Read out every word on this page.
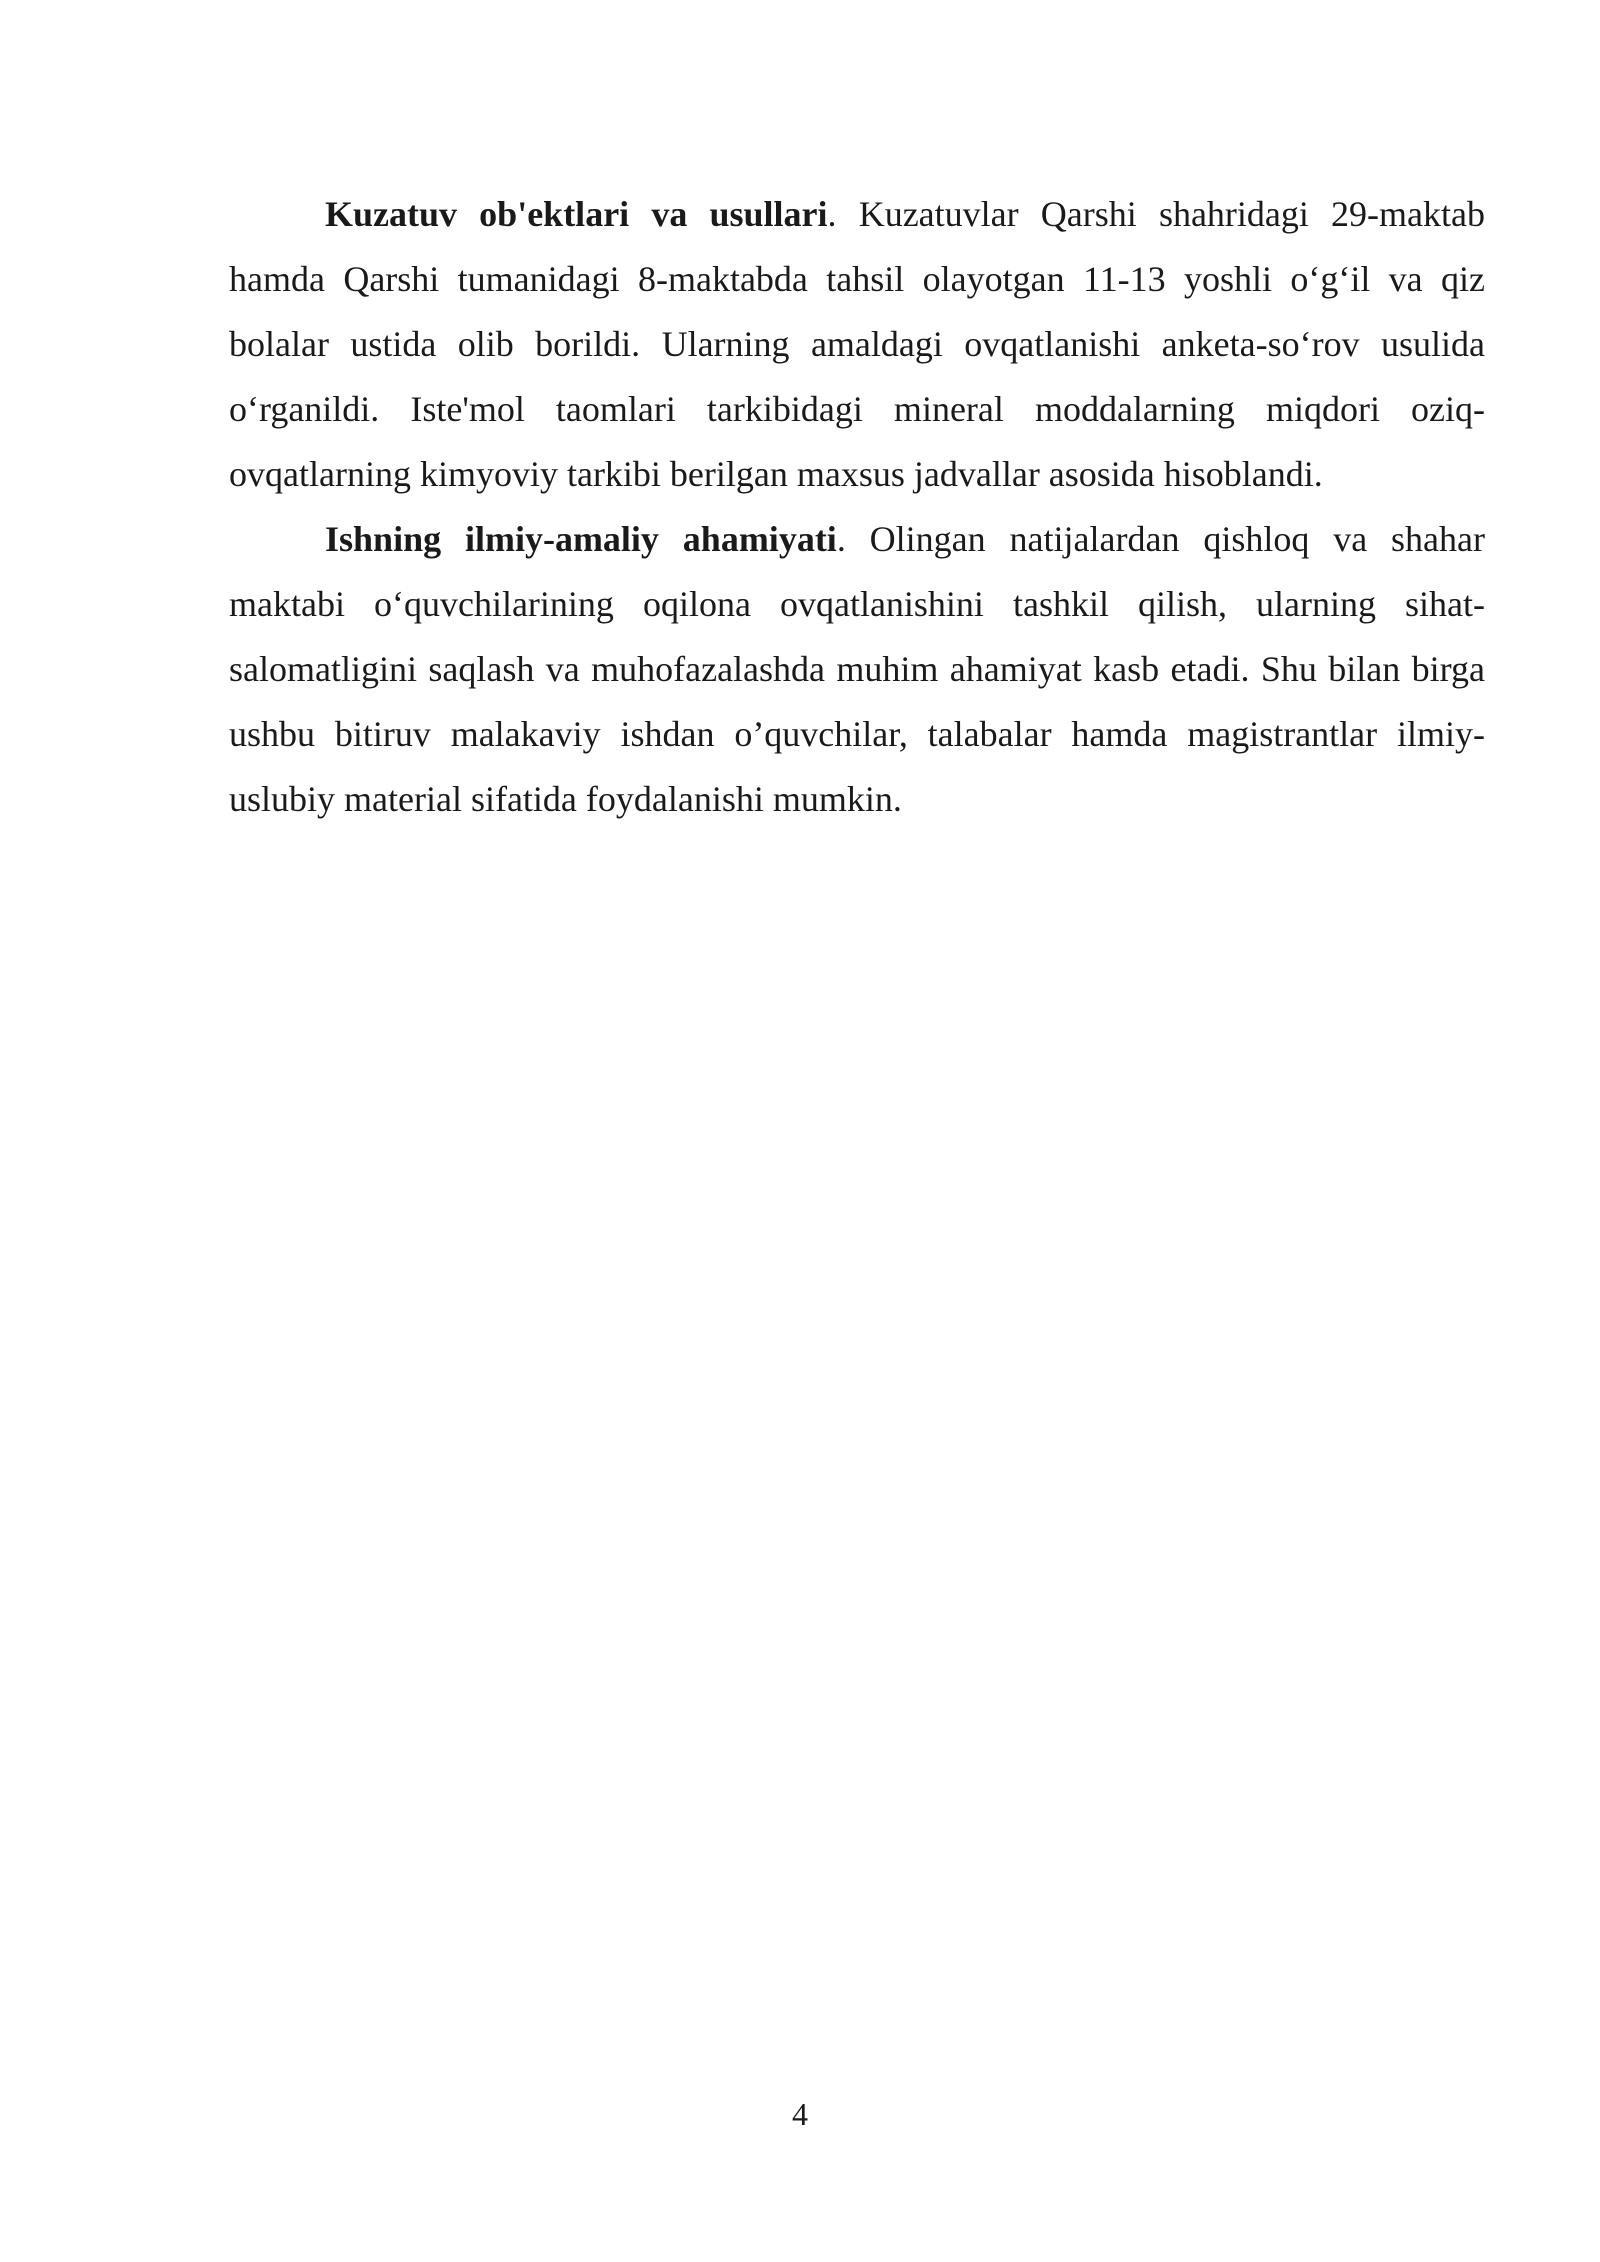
Kuzatuv ob'ektlari va usullari. Kuzatuvlar Qarshi shahridagi 29-maktab hamda Qarshi tumanidagi 8-maktabda tahsil olayotgan 11-13 yoshli o‘g‘il va qiz bolalar ustida olib borildi. Ularning amaldagi ovqatlanishi anketa-so‘rov usulida o‘rganildi. Iste'mol taomlari tarkibidagi mineral moddalarning miqdori oziq-ovqatlarning kimyoviy tarkibi berilgan maxsus jadvallar asosida hisoblandi.

Ishning ilmiy-amaliy ahamiyati. Olingan natijalardan qishloq va shahar maktabi o‘quvchilarining oqilona ovqatlanishini tashkil qilish, ularning sihat-salomatligini saqlash va muhofazalashda muhim ahamiyat kasb etadi. Shu bilan birga ushbu bitiruv malakaviy ishdan o’quvchilar, talabalar hamda magistrantlar ilmiy-uslubiy material sifatida foydalanishi mumkin.

4
